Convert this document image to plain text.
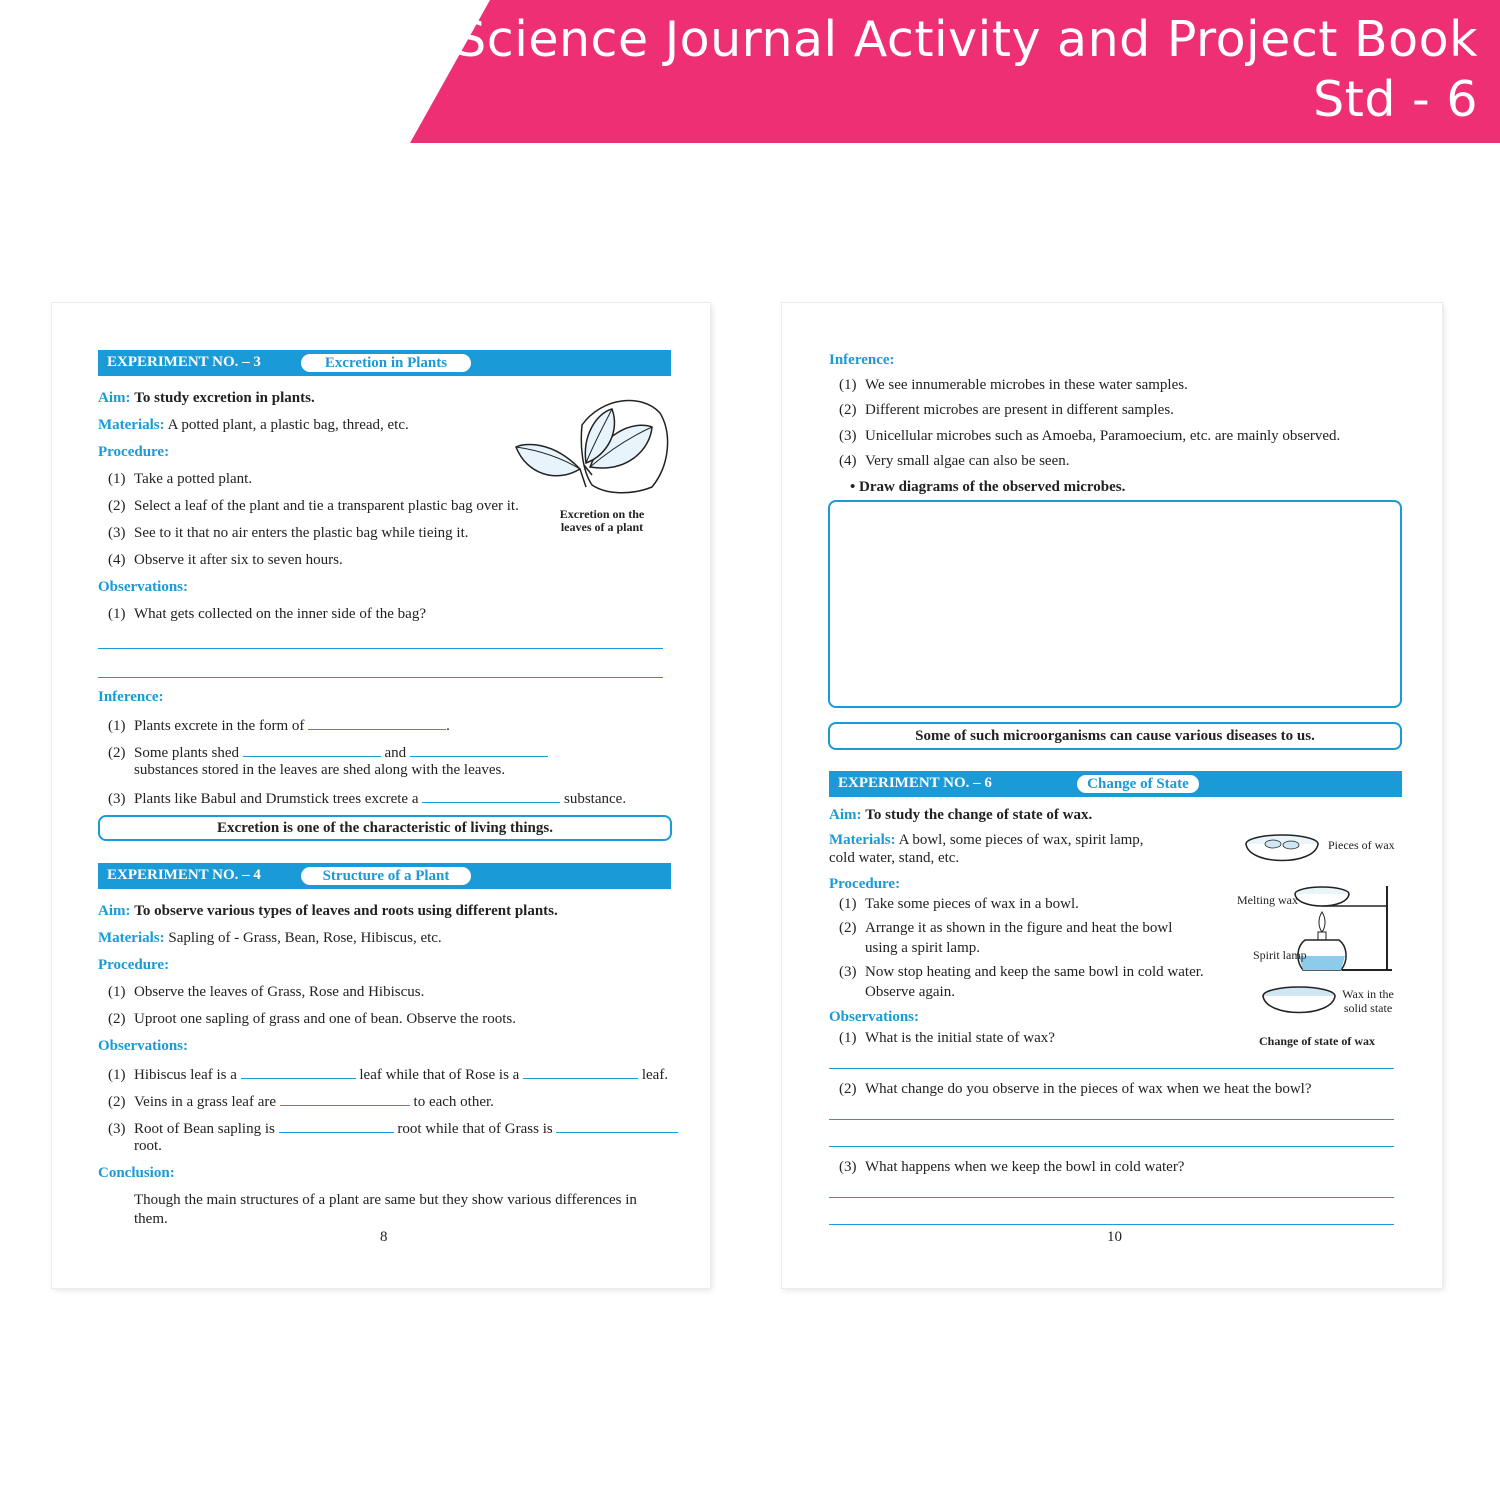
Science Journal Activity and Project Book
Std - 6
EXPERIMENT NO. – 3	Excretion in Plants
Aim: To study excretion in plants.
Materials: A potted plant, a plastic bag, thread, etc.
Procedure:
(1) Take a potted plant.
(2) Select a leaf of the plant and tie a transparent plastic bag over it.
(3) See to it that no air enters the plastic bag while tieing it.
(4) Observe it after six to seven hours.
Excretion on the
leaves of a plant
Observations:
(1) What gets collected on the inner side of the bag?
Inference:
(1) Plants excrete in the form of	.
(2) Some plants shed	and
substances stored in the leaves are shed along with the leaves.
(3) Plants like Babul and Drumstick trees excrete a	substance.
Excretion is one of the characteristic of living things.
EXPERIMENT NO. – 4	Structure of a Plant
Aim: To observe various types of leaves and roots using different plants.
Materials: Sapling of - Grass, Bean, Rose, Hibiscus, etc.
Procedure:
(1) Observe the leaves of Grass, Rose and Hibiscus.
(2) Uproot one sapling of grass and one of bean. Observe the roots.
Observations:
(1) Hibiscus leaf is a	leaf while that of Rose is a	leaf.
(2) Veins in a grass leaf are	to each other.
(3) Root of Bean sapling is	root while that of Grass is
root.
Conclusion:
Though the main structures of a plant are same but they show various differences in
them.
8
Inference:
(1) We see innumerable microbes in these water samples.
(2) Different microbes are present in different samples.
(3) Unicellular microbes such as Amoeba, Paramoecium, etc. are mainly observed.
(4) Very small algae can also be seen.
• Draw diagrams of the observed microbes.
Some of such microorganisms can cause various diseases to us.
EXPERIMENT NO. – 6	Change of State
Aim: To study the change of state of wax.
Materials: A bowl, some pieces of wax, spirit lamp,
cold water, stand, etc.
Procedure:
(1) Take some pieces of wax in a bowl.
(2) Arrange it as shown in the figure and heat the bowl
using a spirit lamp.
(3) Now stop heating and keep the same bowl in cold water.
Observe again.
Observations:
(1) What is the initial state of wax?
(2) What change do you observe in the pieces of wax when we heat the bowl?
(3) What happens when we keep the bowl in cold water?
Pieces of wax
Melting wax
Spirit lamp
Wax in the
solid state
Change of state of wax
10
